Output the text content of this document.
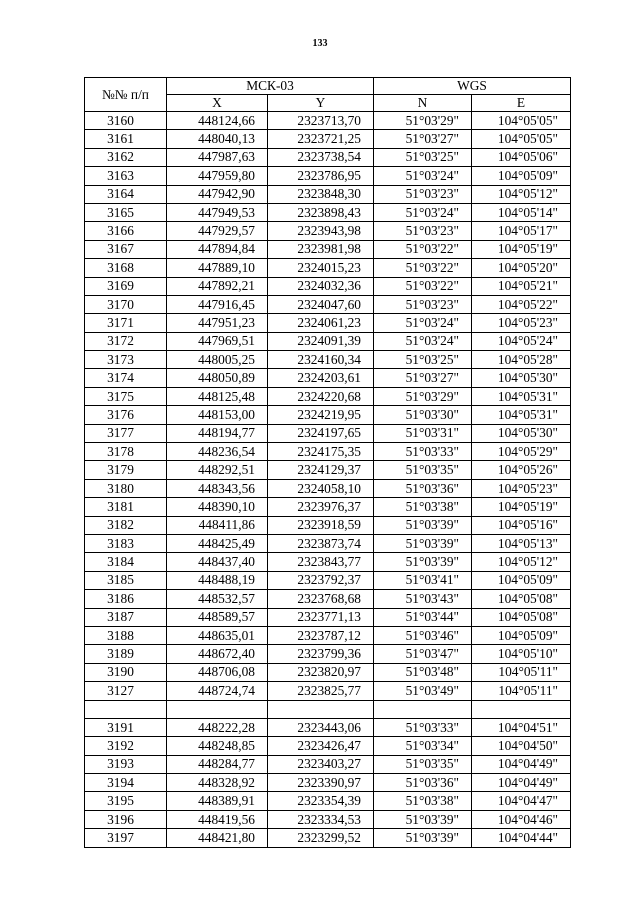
133
№№ п/п	МСК-03		WGS	
	X	Y	N	E
3160	448124,66	2323713,70	51°03'29"	104°05'05"
3161	448040,13	2323721,25	51°03'27"	104°05'05"
3162	447987,63	2323738,54	51°03'25"	104°05'06"
3163	447959,80	2323786,95	51°03'24"	104°05'09"
3164	447942,90	2323848,30	51°03'23"	104°05'12"
3165	447949,53	2323898,43	51°03'24"	104°05'14"
3166	447929,57	2323943,98	51°03'23"	104°05'17"
3167	447894,84	2323981,98	51°03'22"	104°05'19"
3168	447889,10	2324015,23	51°03'22"	104°05'20"
3169	447892,21	2324032,36	51°03'22"	104°05'21"
3170	447916,45	2324047,60	51°03'23"	104°05'22"
3171	447951,23	2324061,23	51°03'24"	104°05'23"
3172	447969,51	2324091,39	51°03'24"	104°05'24"
3173	448005,25	2324160,34	51°03'25"	104°05'28"
3174	448050,89	2324203,61	51°03'27"	104°05'30"
3175	448125,48	2324220,68	51°03'29"	104°05'31"
3176	448153,00	2324219,95	51°03'30"	104°05'31"
3177	448194,77	2324197,65	51°03'31"	104°05'30"
3178	448236,54	2324175,35	51°03'33"	104°05'29"
3179	448292,51	2324129,37	51°03'35"	104°05'26"
3180	448343,56	2324058,10	51°03'36"	104°05'23"
3181	448390,10	2323976,37	51°03'38"	104°05'19"
3182	448411,86	2323918,59	51°03'39"	104°05'16"
3183	448425,49	2323873,74	51°03'39"	104°05'13"
3184	448437,40	2323843,77	51°03'39"	104°05'12"
3185	448488,19	2323792,37	51°03'41"	104°05'09"
3186	448532,57	2323768,68	51°03'43"	104°05'08"
3187	448589,57	2323771,13	51°03'44"	104°05'08"
3188	448635,01	2323787,12	51°03'46"	104°05'09"
3189	448672,40	2323799,36	51°03'47"	104°05'10"
3190	448706,08	2323820,97	51°03'48"	104°05'11"
3127	448724,74	2323825,77	51°03'49"	104°05'11"

3191	448222,28	2323443,06	51°03'33"	104°04'51"
3192	448248,85	2323426,47	51°03'34"	104°04'50"
3193	448284,77	2323403,27	51°03'35"	104°04'49"
3194	448328,92	2323390,97	51°03'36"	104°04'49"
3195	448389,91	2323354,39	51°03'38"	104°04'47"
3196	448419,56	2323334,53	51°03'39"	104°04'46"
3197	448421,80	2323299,52	51°03'39"	104°04'44"
